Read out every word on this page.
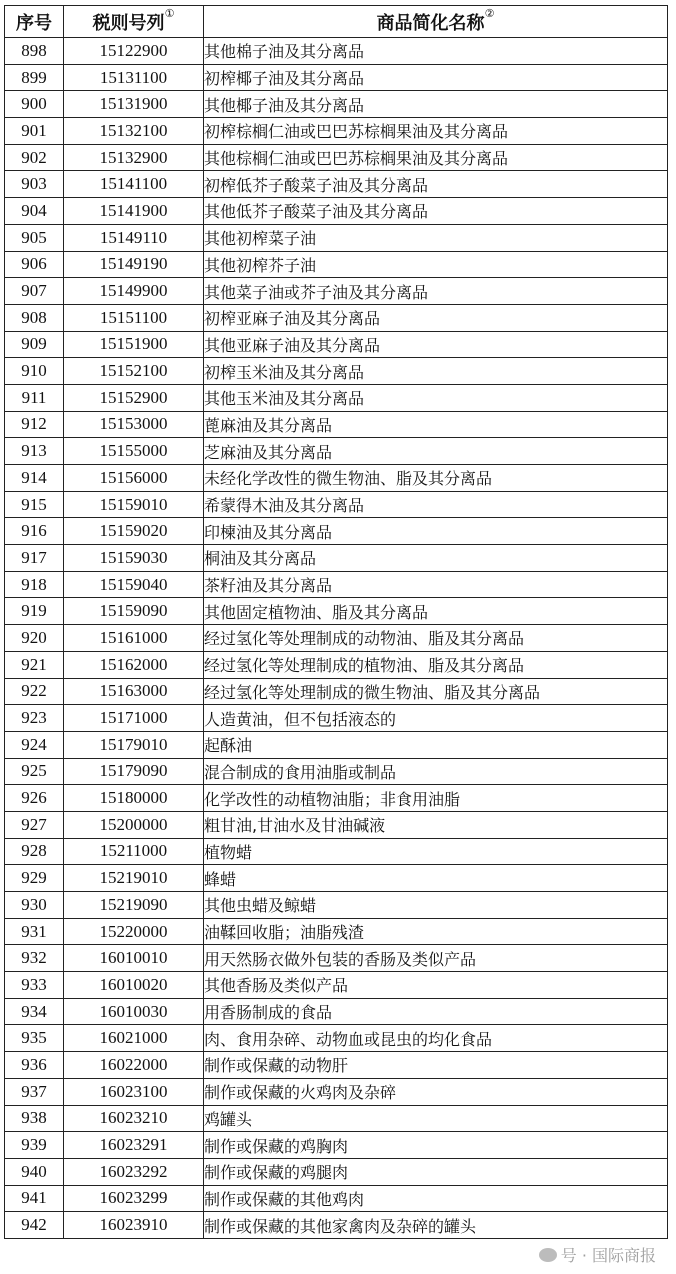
序号	税则号列①	商品简化名称②
898	15122900	其他棉子油及其分离品
899	15131100	初榨椰子油及其分离品
900	15131900	其他椰子油及其分离品
901	15132100	初榨棕榈仁油或巴巴苏棕榈果油及其分离品
902	15132900	其他棕榈仁油或巴巴苏棕榈果油及其分离品
903	15141100	初榨低芥子酸菜子油及其分离品
904	15141900	其他低芥子酸菜子油及其分离品
905	15149110	其他初榨菜子油
906	15149190	其他初榨芥子油
907	15149900	其他菜子油或芥子油及其分离品
908	15151100	初榨亚麻子油及其分离品
909	15151900	其他亚麻子油及其分离品
910	15152100	初榨玉米油及其分离品
911	15152900	其他玉米油及其分离品
912	15153000	蓖麻油及其分离品
913	15155000	芝麻油及其分离品
914	15156000	未经化学改性的微生物油、脂及其分离品
915	15159010	希蒙得木油及其分离品
916	15159020	印楝油及其分离品
917	15159030	桐油及其分离品
918	15159040	茶籽油及其分离品
919	15159090	其他固定植物油、脂及其分离品
920	15161000	经过氢化等处理制成的动物油、脂及其分离品
921	15162000	经过氢化等处理制成的植物油、脂及其分离品
922	15163000	经过氢化等处理制成的微生物油、脂及其分离品
923	15171000	人造黄油，但不包括液态的
924	15179010	起酥油
925	15179090	混合制成的食用油脂或制品
926	15180000	化学改性的动植物油脂；非食用油脂
927	15200000	粗甘油,甘油水及甘油碱液
928	15211000	植物蜡
929	15219010	蜂蜡
930	15219090	其他虫蜡及鲸蜡
931	15220000	油鞣回收脂；油脂残渣
932	16010010	用天然肠衣做外包装的香肠及类似产品
933	16010020	其他香肠及类似产品
934	16010030	用香肠制成的食品
935	16021000	肉、食用杂碎、动物血或昆虫的均化食品
936	16022000	制作或保藏的动物肝
937	16023100	制作或保藏的火鸡肉及杂碎
938	16023210	鸡罐头
939	16023291	制作或保藏的鸡胸肉
940	16023292	制作或保藏的鸡腿肉
941	16023299	制作或保藏的其他鸡肉
942	16023910	制作或保藏的其他家禽肉及杂碎的罐头
号 · 国际商报
